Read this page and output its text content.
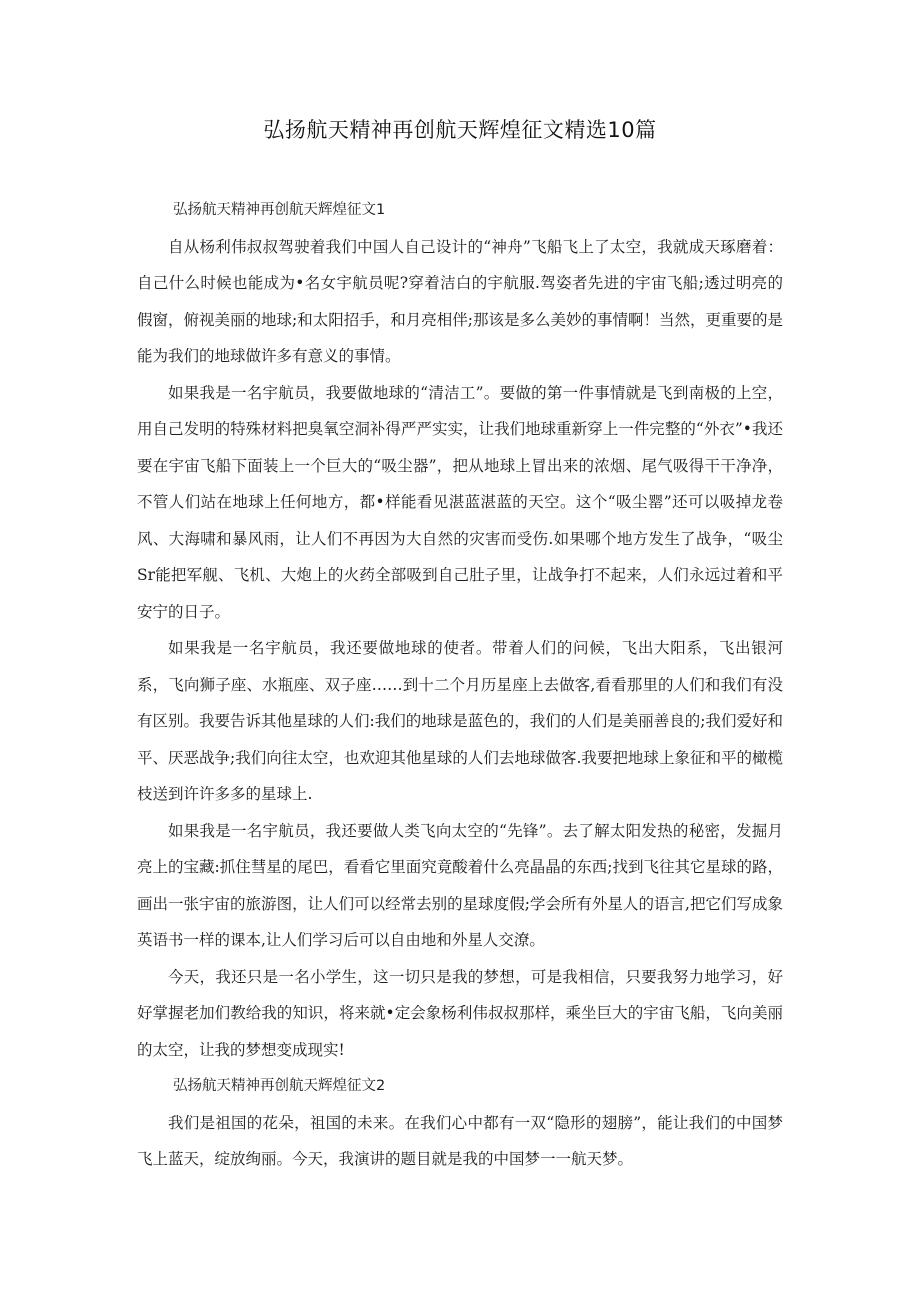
弘扬航天精神再创航天辉煌征文精选10篇

弘扬航天精神再创航天辉煌征文1

自从杨利伟叔叔驾驶着我们中国人自己设计的“神舟”飞船飞上了太空，我就成天琢磨着：自己什么时候也能成为•名女宇航员呢?穿着洁白的宇航服.驾姿者先进的宇宙飞船;透过明亮的假窗，俯视美丽的地球;和太阳招手，和月亮相伴;那该是多么美妙的事情啊！当然，更重要的是能为我们的地球做许多有意义的事情。

如果我是一名宇航员，我要做地球的“清洁工”。要做的第一件事情就是飞到南极的上空，用自己发明的特殊材料把臭氧空洞补得严严实实，让我们地球重新穿上一件完整的“外衣”•我还要在宇宙飞船下面装上一个巨大的“吸尘器”，把从地球上冒出来的浓烟、尾气吸得干干净净，不管人们站在地球上任何地方，都•样能看见湛蓝湛蓝的天空。这个“吸尘罂”还可以吸掉龙卷风、大海啸和暴风雨，让人们不再因为大自然的灾害而受伤.如果哪个地方发生了战争，“吸尘Sr能把军舰、飞机、大炮上的火药全部吸到自己肚子里，让战争打不起来，人们永远过着和平安宁的日子。

如果我是一名宇航员，我还要做地球的使者。带着人们的问候，飞出大阳系，飞出银河系，飞向狮子座、水瓶座、双子座……到十二个月历星座上去做客,看看那里的人们和我们有没有区别。我要告诉其他星球的人们:我们的地球是蓝色的，我们的人们是美丽善良的;我们爱好和平、厌恶战争;我们向往太空，也欢迎其他星球的人们去地球做客.我要把地球上象征和平的橄榄枝送到许许多多的星球上.

如果我是一名宇航员，我还要做人类飞向太空的“先锋”。去了解太阳发热的秘密，发掘月亮上的宝藏:抓住彗星的尾巴，看看它里面究竟酸着什么亮晶晶的东西;找到飞往其它星球的路，画出一张宇宙的旅游图，让人们可以经常去别的星球度假;学会所有外星人的语言,把它们写成象英语书一样的课本,让人们学习后可以自由地和外星人交潦。

今天，我还只是一名小学生，这一切只是我的梦想，可是我相信，只要我努力地学习，好好掌握老加们教给我的知识，将来就•定会象杨利伟叔叔那样，乘坐巨大的宇宙飞船，飞向美丽的太空，让我的梦想变成现实!

弘扬航天精神再创航天辉煌征文2

我们是祖国的花朵，祖国的未来。在我们心中都有一双“隐形的翅膀”，能让我们的中国梦飞上蓝天，绽放绚丽。今天，我演讲的题目就是我的中国梦一一航天梦。
